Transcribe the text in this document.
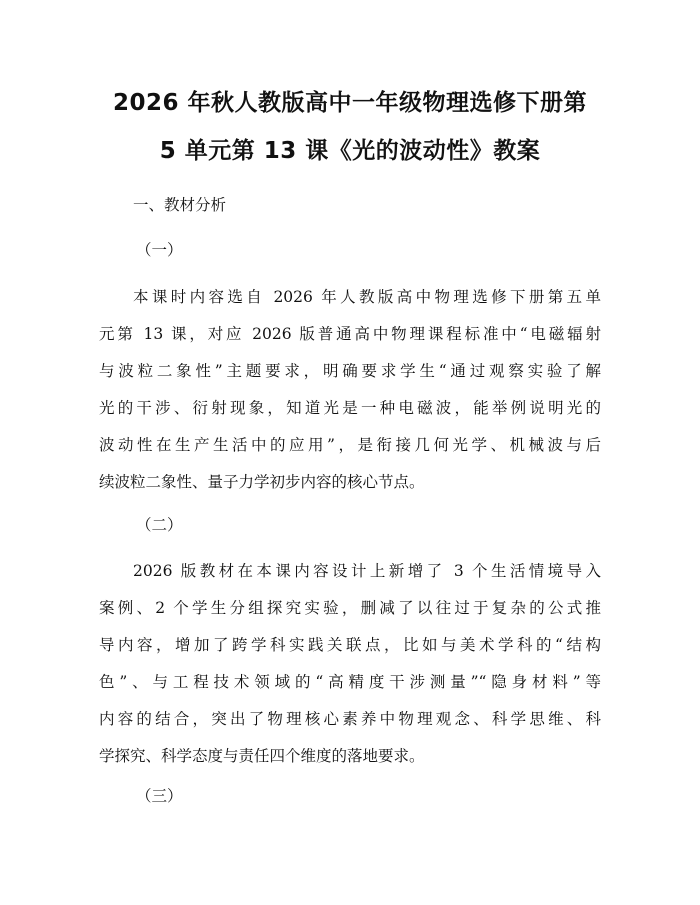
2026 年秋人教版高中一年级物理选修下册第
5 单元第 13 课《光的波动性》教案

一、教材分析

（一）

本课时内容选自 2026 年人教版高中物理选修下册第五单

元第 13 课，对应 2026 版普通高中物理课程标准中“电磁辐射

与波粒二象性”主题要求，明确要求学生“通过观察实验了解

光的干涉、衍射现象，知道光是一种电磁波，能举例说明光的

波动性在生产生活中的应用”，是衔接几何光学、机械波与后

续波粒二象性、量子力学初步内容的核心节点。

（二）

2026 版教材在本课内容设计上新增了 3 个生活情境导入

案例、2 个学生分组探究实验，删减了以往过于复杂的公式推

导内容，增加了跨学科实践关联点，比如与美术学科的“结构

色”、与工程技术领域的“高精度干涉测量”“隐身材料”等

内容的结合，突出了物理核心素养中物理观念、科学思维、科

学探究、科学态度与责任四个维度的落地要求。

（三）
